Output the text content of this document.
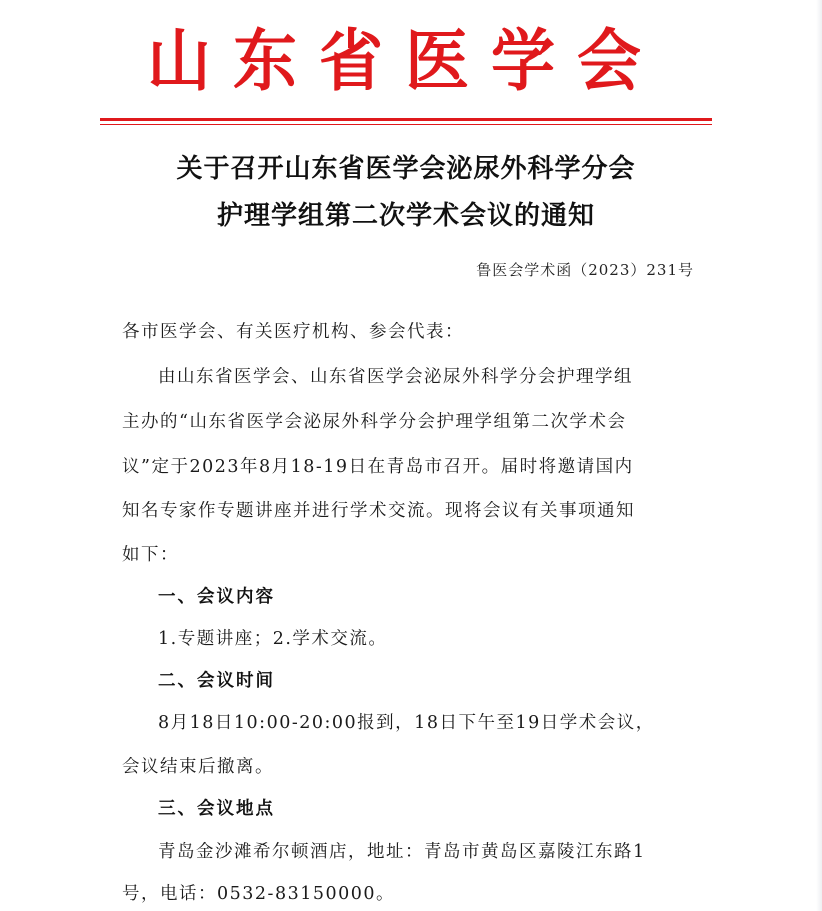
山东省医学会
关于召开山东省医学会泌尿外科学分会
护理学组第二次学术会议的通知
鲁医会学术函（2023）231号
各市医学会、有关医疗机构、参会代表：
由山东省医学会、山东省医学会泌尿外科学分会护理学组
主办的“山东省医学会泌尿外科学分会护理学组第二次学术会
议”定于2023年8月18-19日在青岛市召开。届时将邀请国内
知名专家作专题讲座并进行学术交流。现将会议有关事项通知
如下：
一、会议内容
1.专题讲座；2.学术交流。
二、会议时间
8月18日10:00-20:00报到，18日下午至19日学术会议，
会议结束后撤离。
三、会议地点
青岛金沙滩希尔顿酒店，地址：青岛市黄岛区嘉陵江东路1
号，电话：0532-83150000。
